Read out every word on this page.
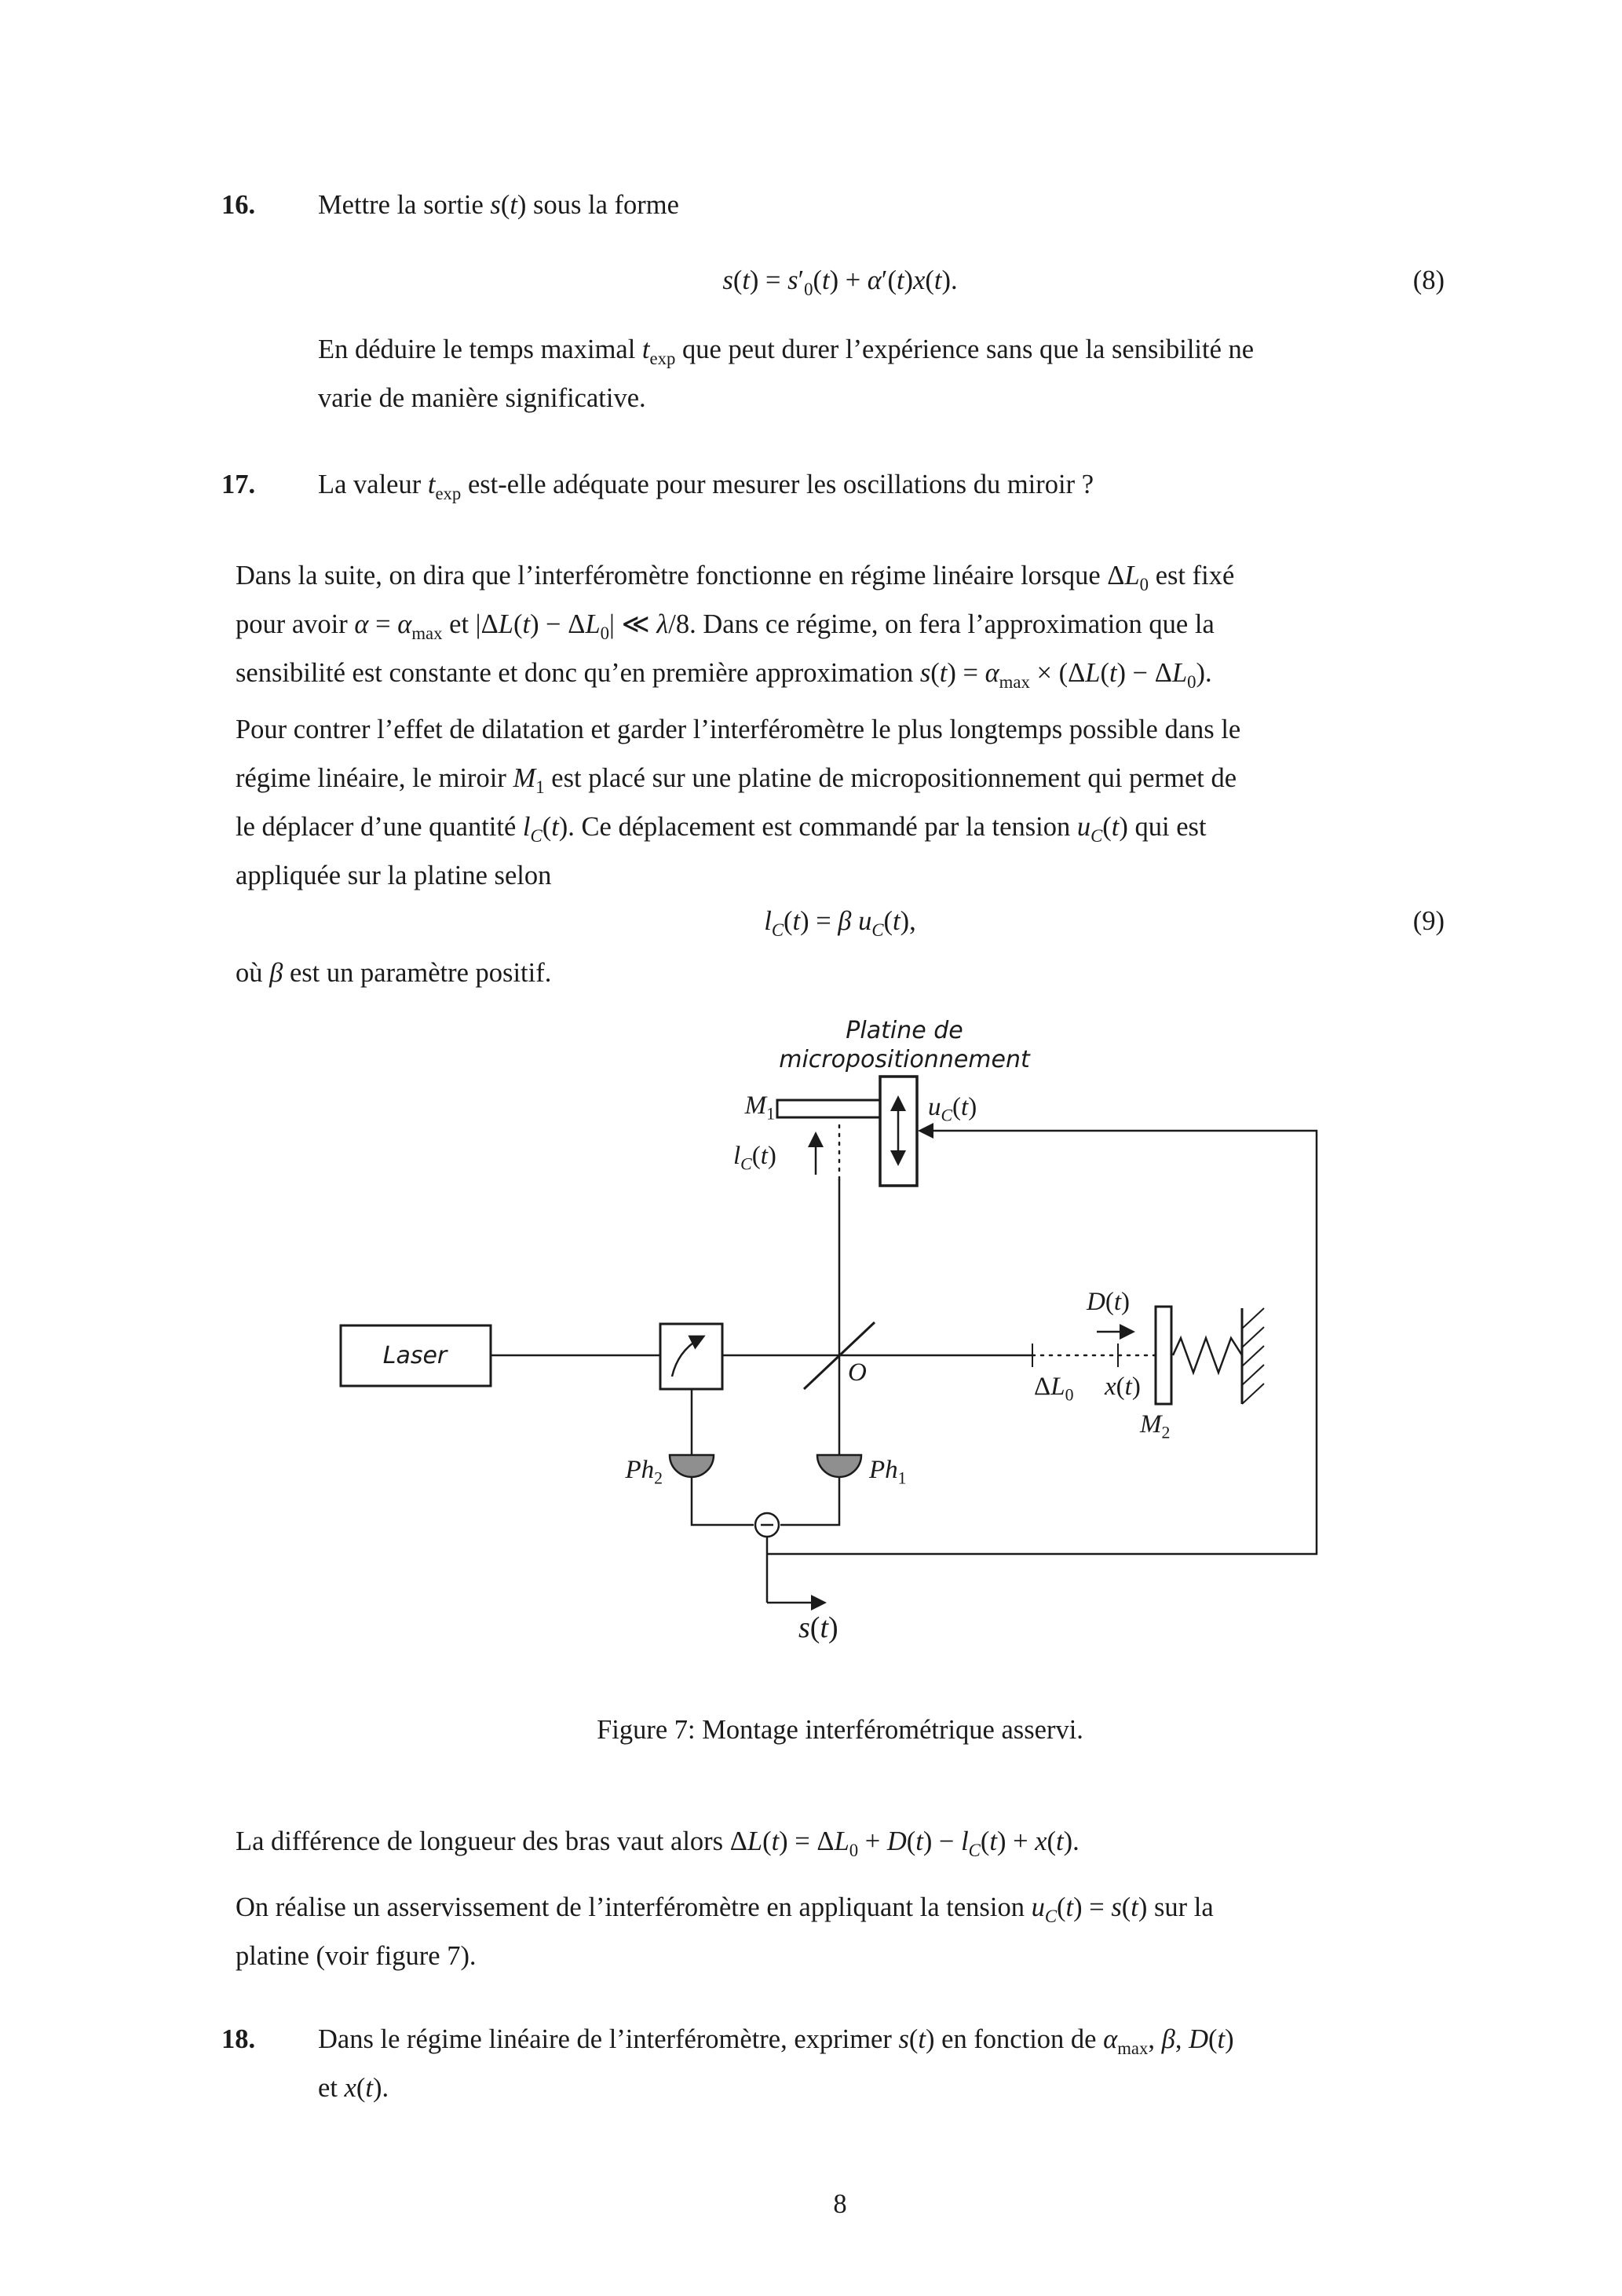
16. Mettre la sortie s(t) sous la forme
$s(t) = s'_0(t) + \alpha'(t)x(t)$.	(8)
En déduire le temps maximal $t_{exp}$ que peut durer l’expérience sans que la sensibilité ne
varie de manière significative.
17. La valeur $t_{exp}$ est-elle adéquate pour mesurer les oscillations du miroir ?
Dans la suite, on dira que l’interféromètre fonctionne en régime linéaire lorsque $\Delta L_0$ est fixé
pour avoir $\alpha = \alpha_{max}$ et $|\Delta L(t) - \Delta L_0|$ ≪ λ/8. Dans ce régime, on fera l’approximation que la
sensibilité est constante et donc qu’en première approximation $s(t) = \alpha_{max} \times (\Delta L(t) - \Delta L_0)$.
Pour contrer l’effet de dilatation et garder l’interféromètre le plus longtemps possible dans le
régime linéaire, le miroir $M_1$ est placé sur une platine de micropositionnement qui permet de
le déplacer d’une quantité $l_C(t)$. Ce déplacement est commandé par la tension $u_C(t)$ qui est
appliquée sur la platine selon
$l_C(t) = \beta$ $u_C(t)$,	(9)
où β est un paramètre positif.
Platine de
micropositionnement
Laser
$M_1$	$u_C(t)$
$l_C(t)$
O
D(t)
$\Delta L_0$ x(t)
$M_2$
$Ph_2$	$Ph_1$
s(t)
Figure 7: Montage interférométrique asservi.
La différence de longueur des bras vaut alors $\Delta L(t) = \Delta L_0 + D(t) - l_C(t) + x(t)$.
On réalise un asservissement de l’interféromètre en appliquant la tension $u_C(t) = s(t)$ sur la
platine (voir figure 7).
18. Dans le régime linéaire de l’interféromètre, exprimer s(t) en fonction de $\alpha_{max}$, β, D(t)
et x(t).
8
